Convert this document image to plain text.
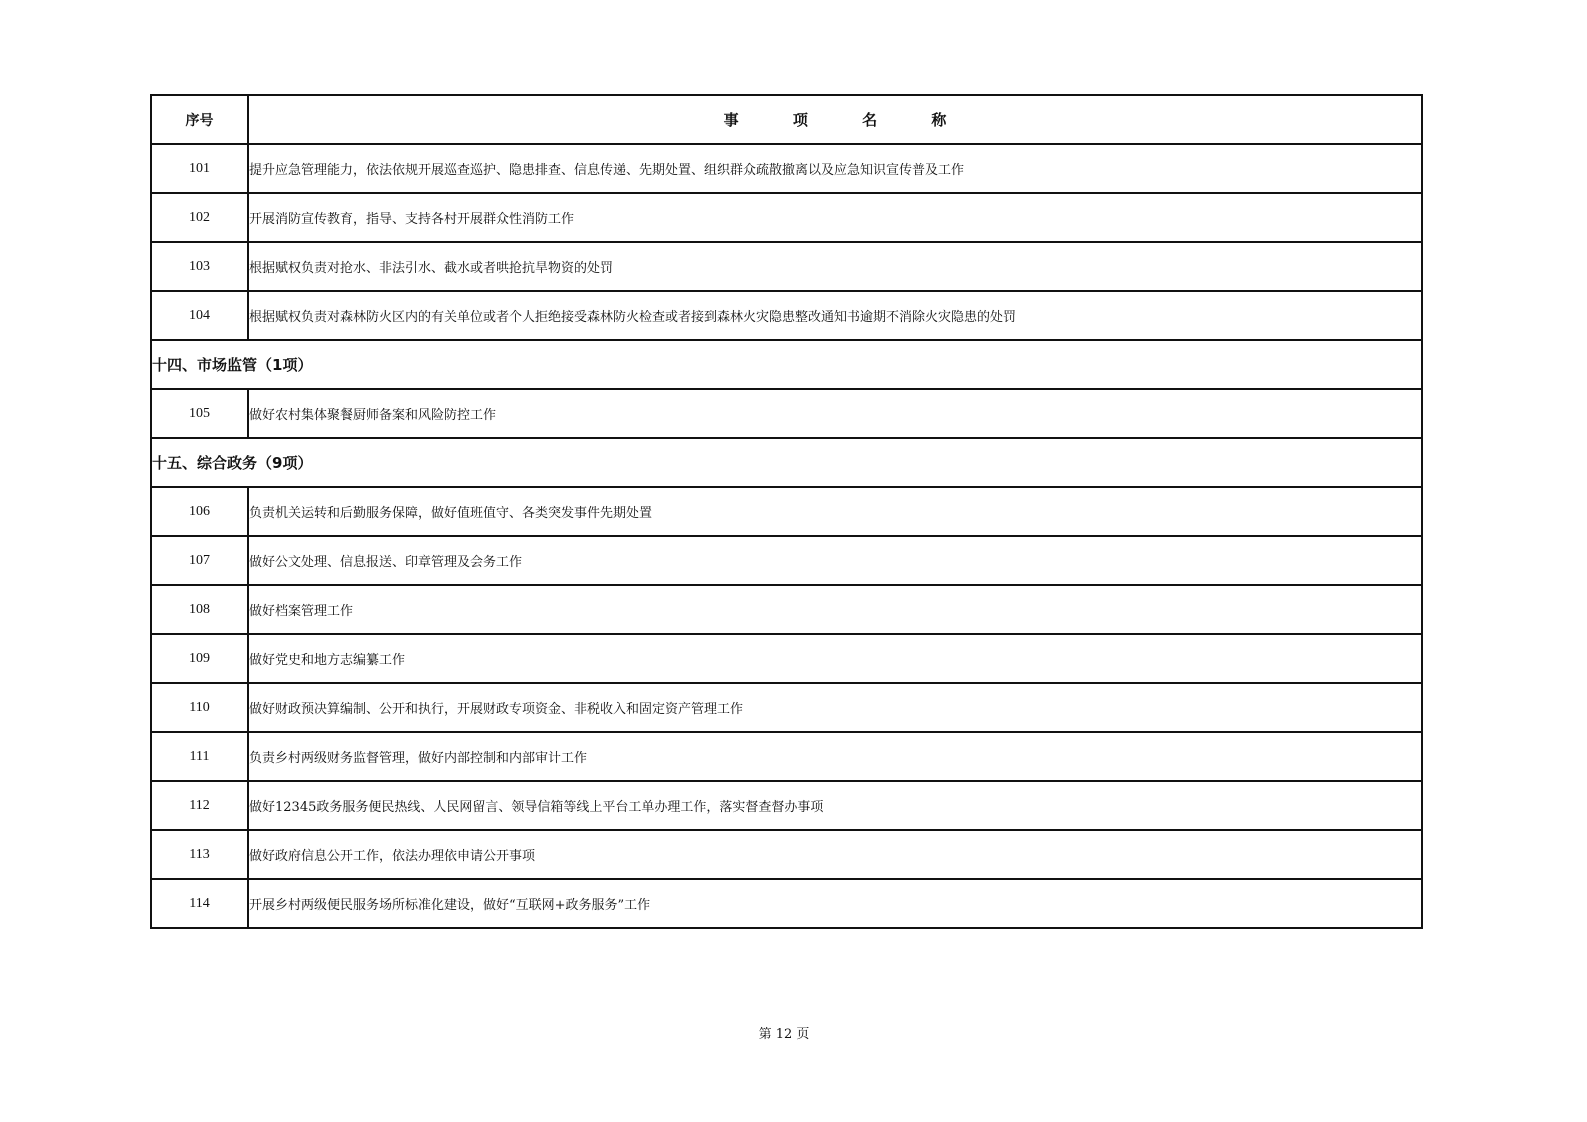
序号	事 项 名 称
101	提升应急管理能力，依法依规开展巡查巡护、隐患排查、信息传递、先期处置、组织群众疏散撤离以及应急知识宣传普及工作
102	开展消防宣传教育，指导、支持各村开展群众性消防工作
103	根据赋权负责对抢水、非法引水、截水或者哄抢抗旱物资的处罚
104	根据赋权负责对森林防火区内的有关单位或者个人拒绝接受森林防火检查或者接到森林火灾隐患整改通知书逾期不消除火灾隐患的处罚
十四、市场监管（1项）	
105	做好农村集体聚餐厨师备案和风险防控工作
十五、综合政务（9项）	
106	负责机关运转和后勤服务保障，做好值班值守、各类突发事件先期处置
107	做好公文处理、信息报送、印章管理及会务工作
108	做好档案管理工作
109	做好党史和地方志编纂工作
110	做好财政预决算编制、公开和执行，开展财政专项资金、非税收入和固定资产管理工作
111	负责乡村两级财务监督管理，做好内部控制和内部审计工作
112	做好12345政务服务便民热线、人民网留言、领导信箱等线上平台工单办理工作，落实督查督办事项
113	做好政府信息公开工作，依法办理依申请公开事项
114	开展乡村两级便民服务场所标准化建设，做好“互联网+政务服务”工作
第 12 页
